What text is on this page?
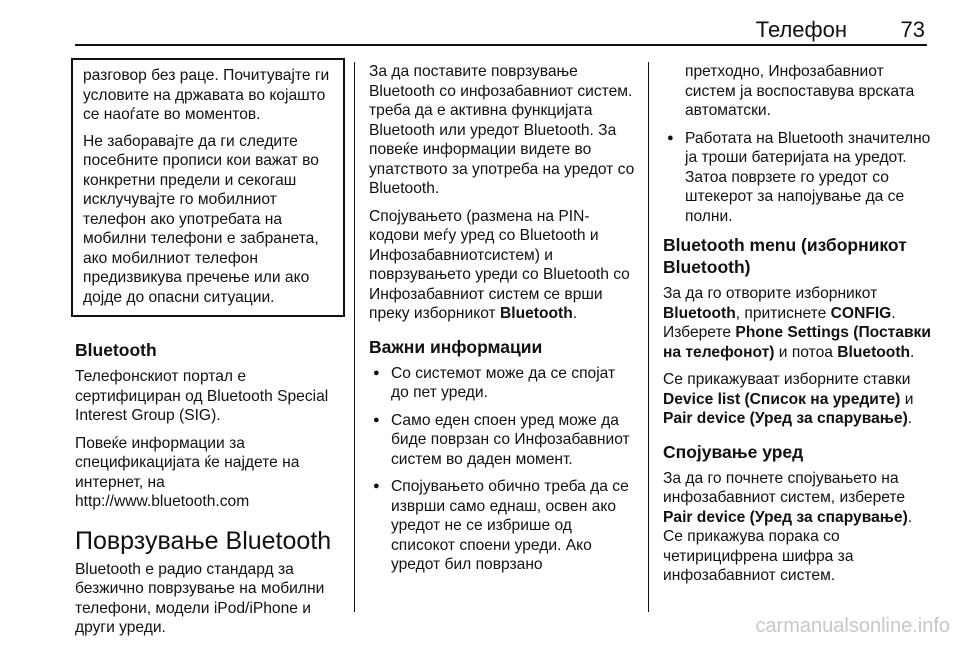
Телефон 73

разговор без раце. Почитувајте ги условите на државата во коjашто се наоѓате во моментов.

Не заборавајте да ги следите посебните прописи кои важат во конкретни предели и секогаш исклучувајте го мобилниот телефон ако употребата на мобилни телефони е забранета, ако мобилниот телефон предизвикува пречење или ако дојде до опасни ситуации.

Bluetooth

Телефонскиот портал е сертифициран од Bluetooth Special Interest Group (SIG).

Повеќе информации за спецификацијата ќе најдете на интернет, на
http://www.bluetooth.com

Поврзување Bluetooth

Bluetooth е радио стандард за безжично поврзување на мобилни телефони, модели iPod/iPhone и други уреди.

За да поставите поврзување Bluetooth со инфозабавниот систем. треба да е активна функцијата Bluetooth или уредот Bluetooth. За повеќе информации видете во упатството за употреба на уредот со Bluetooth.

Спојувањето (размена на PIN-кодови меѓу уред со Bluetooth и Инфозабавниотсистем) и поврзувањето уреди со Bluetooth со Инфозабавниот систем се врши преку изборникот Bluetooth.

Важни информации
● Со системот може да се спојат до пет уреди.
● Само еден споен уред може да биде поврзан со Инфозабавниот систем во даден момент.
● Спојувањето обично треба да се изврши само еднаш, освен ако уредот не се избрише од списокот споени уреди. Ако уредот бил поврзано

претходно, Инфозабавниот систем ја воспоставува врската автоматски.

● Работата на Bluetooth значително ја троши батеријата на уредот. Затоа поврзете го уредот со штекерот за напојување да се полни.
Bluetooth menu (изборникот Bluetooth)

За да го отворите изборникот Bluetooth, притиснете CONFIG. Изберете Phone Settings (Поставки на телефонот) и потоа Bluetooth.

Се прикажуваат изборните ставки Device list (Список на уредите) и Pair device (Уред за спарување).

Спојување уред

За да го почнете спојувањето на инфозабавниот систем, изберете Pair device (Уред за спарување). Се прикажува порака со четирицифрена шифра за инфозабавниот систем.

carmanualsonline.info
